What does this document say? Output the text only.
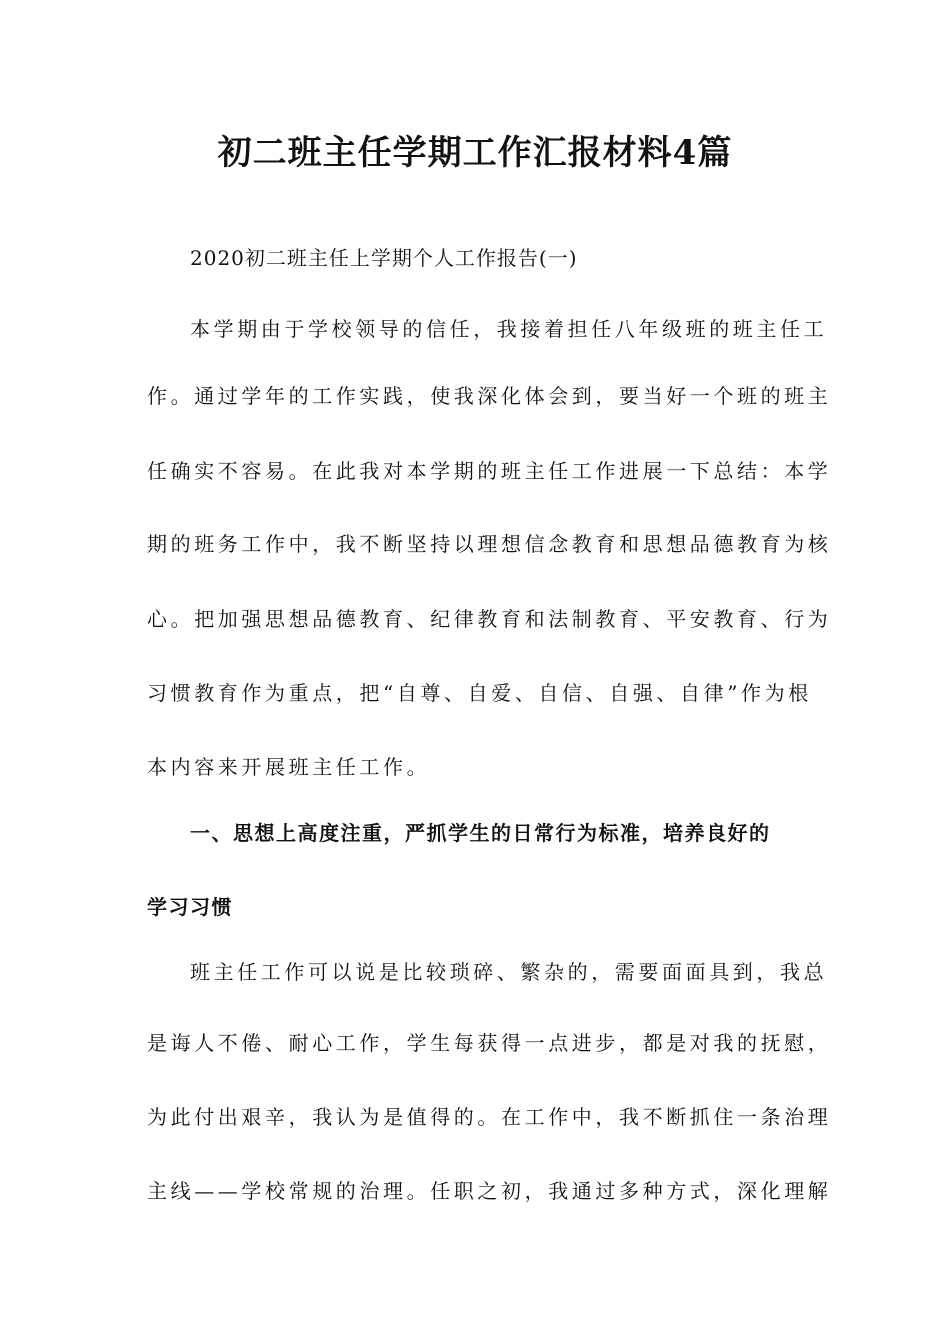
初二班主任学期工作汇报材料4篇
2020初二班主任上学期个人工作报告(一)
本学期由于学校领导的信任，我接着担任八年级班的班主任工
作。通过学年的工作实践，使我深化体会到，要当好一个班的班主
任确实不容易。在此我对本学期的班主任工作进展一下总结：本学
期的班务工作中，我不断坚持以理想信念教育和思想品德教育为核
心。把加强思想品德教育、纪律教育和法制教育、平安教育、行为
习惯教育作为重点，把“自尊、自爱、自信、自强、自律”作为根
本内容来开展班主任工作。
一、思想上高度注重，严抓学生的日常行为标准，培养良好的
学习习惯
班主任工作可以说是比较琐碎、繁杂的，需要面面具到，我总
是诲人不倦、耐心工作，学生每获得一点进步，都是对我的抚慰，
为此付出艰辛，我认为是值得的。在工作中，我不断抓住一条治理
主线——学校常规的治理。任职之初，我通过多种方式，深化理解
